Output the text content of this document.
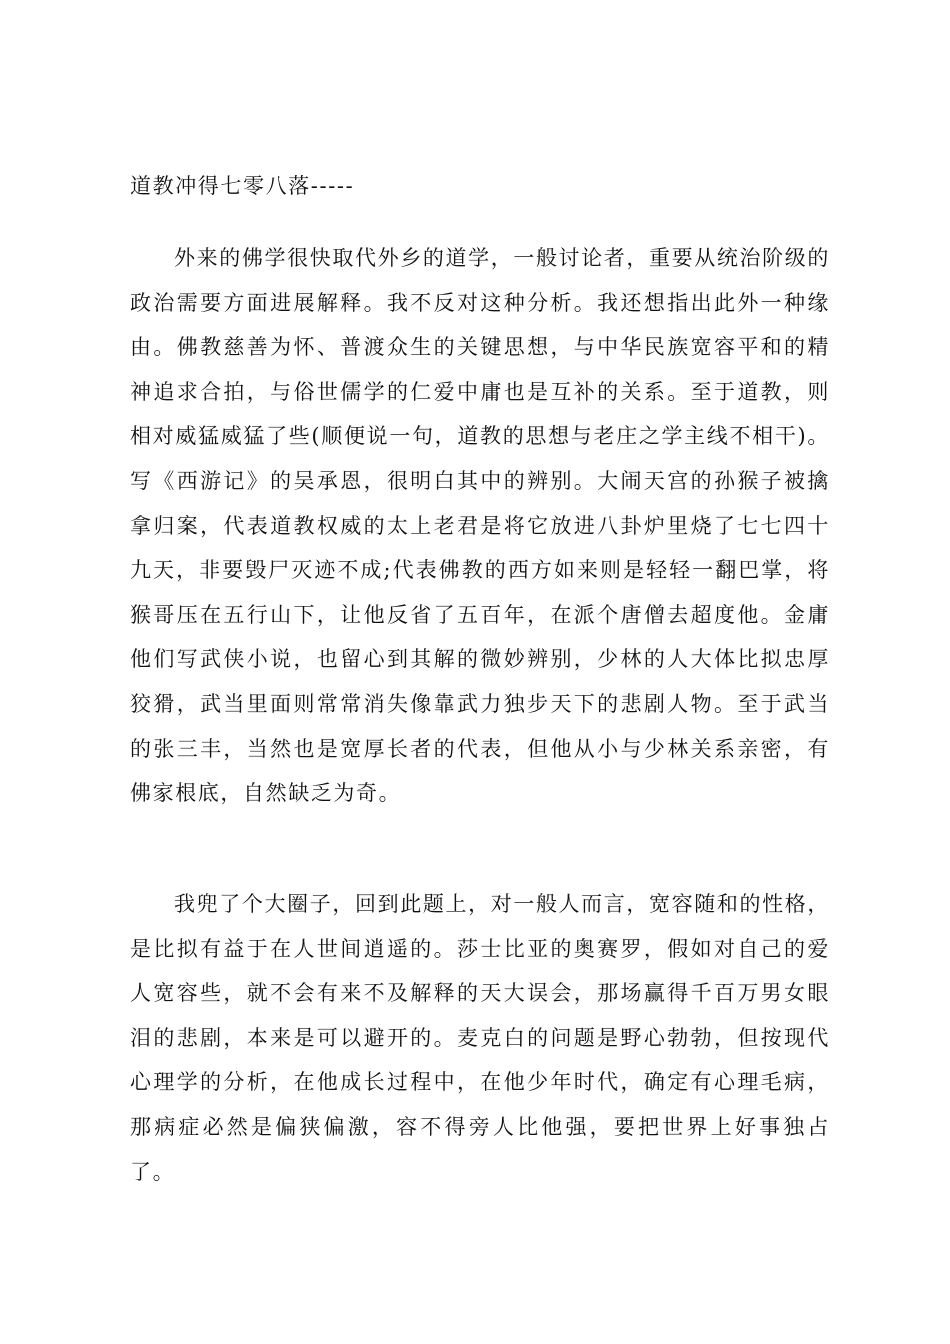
道教冲得七零八落-----

外来的佛学很快取代外乡的道学，一般讨论者，重要从统治阶级的政治需要方面进展解释。我不反对这种分析。我还想指出此外一种缘由。佛教慈善为怀、普渡众生的关键思想，与中华民族宽容平和的精神追求合拍，与俗世儒学的仁爱中庸也是互补的关系。至于道教，则相对威猛威猛了些(顺便说一句，道教的思想与老庄之学主线不相干)。写《西游记》的吴承恩，很明白其中的辨别。大闹天宫的孙猴子被擒拿归案，代表道教权威的太上老君是将它放进八卦炉里烧了七七四十九天，非要毁尸灭迹不成;代表佛教的西方如来则是轻轻一翻巴掌，将猴哥压在五行山下，让他反省了五百年，在派个唐僧去超度他。金庸他们写武侠小说，也留心到其解的微妙辨别，少林的人大体比拟忠厚狡猾，武当里面则常常消失像靠武力独步天下的悲剧人物。至于武当的张三丰，当然也是宽厚长者的代表，但他从小与少林关系亲密，有佛家根底，自然缺乏为奇。

我兜了个大圈子，回到此题上，对一般人而言，宽容随和的性格，是比拟有益于在人世间逍遥的。莎士比亚的奥赛罗，假如对自己的爱人宽容些，就不会有来不及解释的天大误会，那场赢得千百万男女眼泪的悲剧，本来是可以避开的。麦克白的问题是野心勃勃，但按现代心理学的分析，在他成长过程中，在他少年时代，确定有心理毛病，那病症必然是偏狭偏激，容不得旁人比他强，要把世界上好事独占了。
